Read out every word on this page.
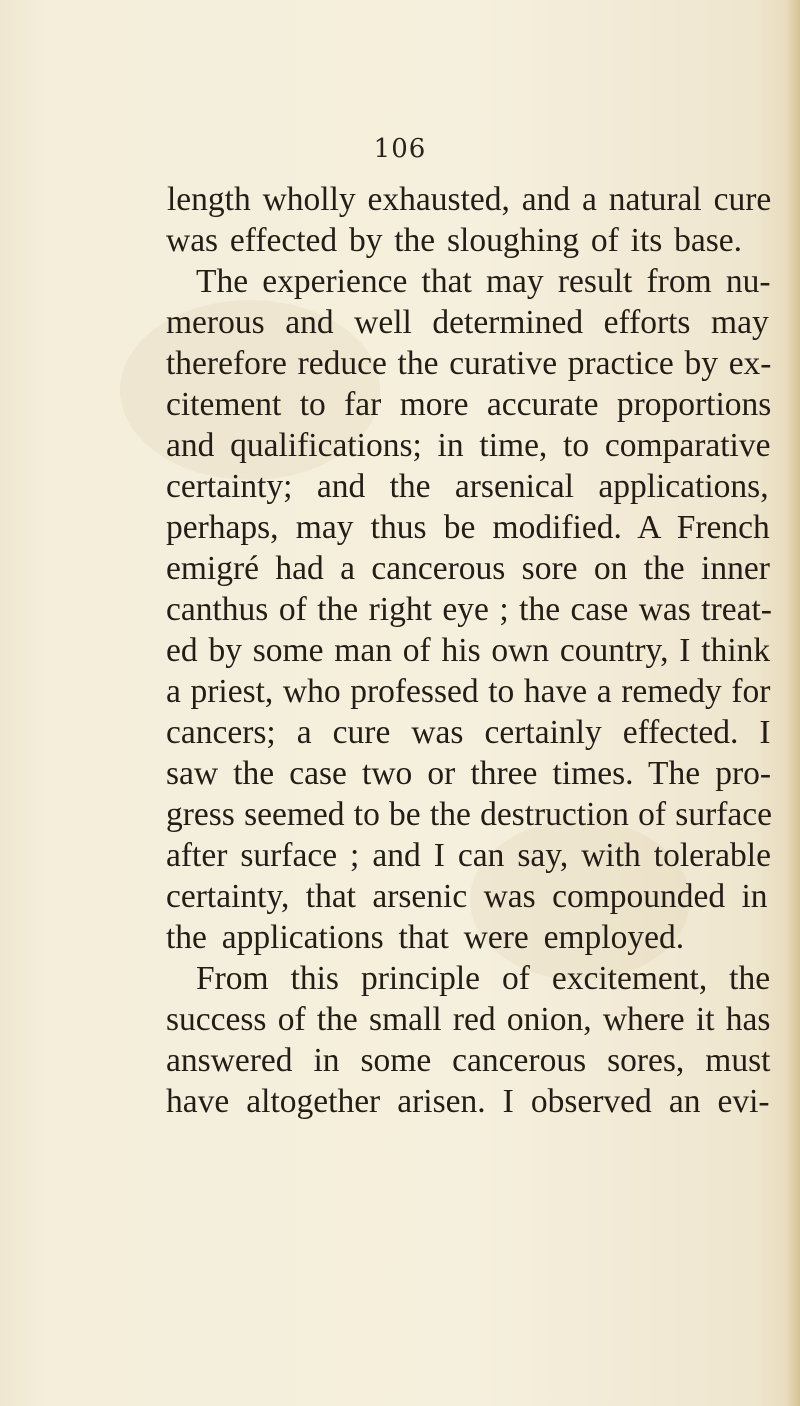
106
length wholly exhausted, and a natural cure
was effected by the sloughing of its base.
The experience that may result from nu-
merous and well determined efforts may
therefore reduce the curative practice by ex-
citement to far more accurate proportions
and qualifications; in time, to comparative
certainty; and the arsenical applications,
perhaps, may thus be modified. A French
emigré had a cancerous sore on the inner
canthus of the right eye ; the case was treat-
ed by some man of his own country, I think
a priest, who professed to have a remedy for
cancers; a cure was certainly effected. I
saw the case two or three times. The pro-
gress seemed to be the destruction of surface
after surface ; and I can say, with tolerable
certainty, that arsenic was compounded in
the applications that were employed.
From this principle of excitement, the
success of the small red onion, where it has
answered in some cancerous sores, must
have altogether arisen. I observed an evi-
